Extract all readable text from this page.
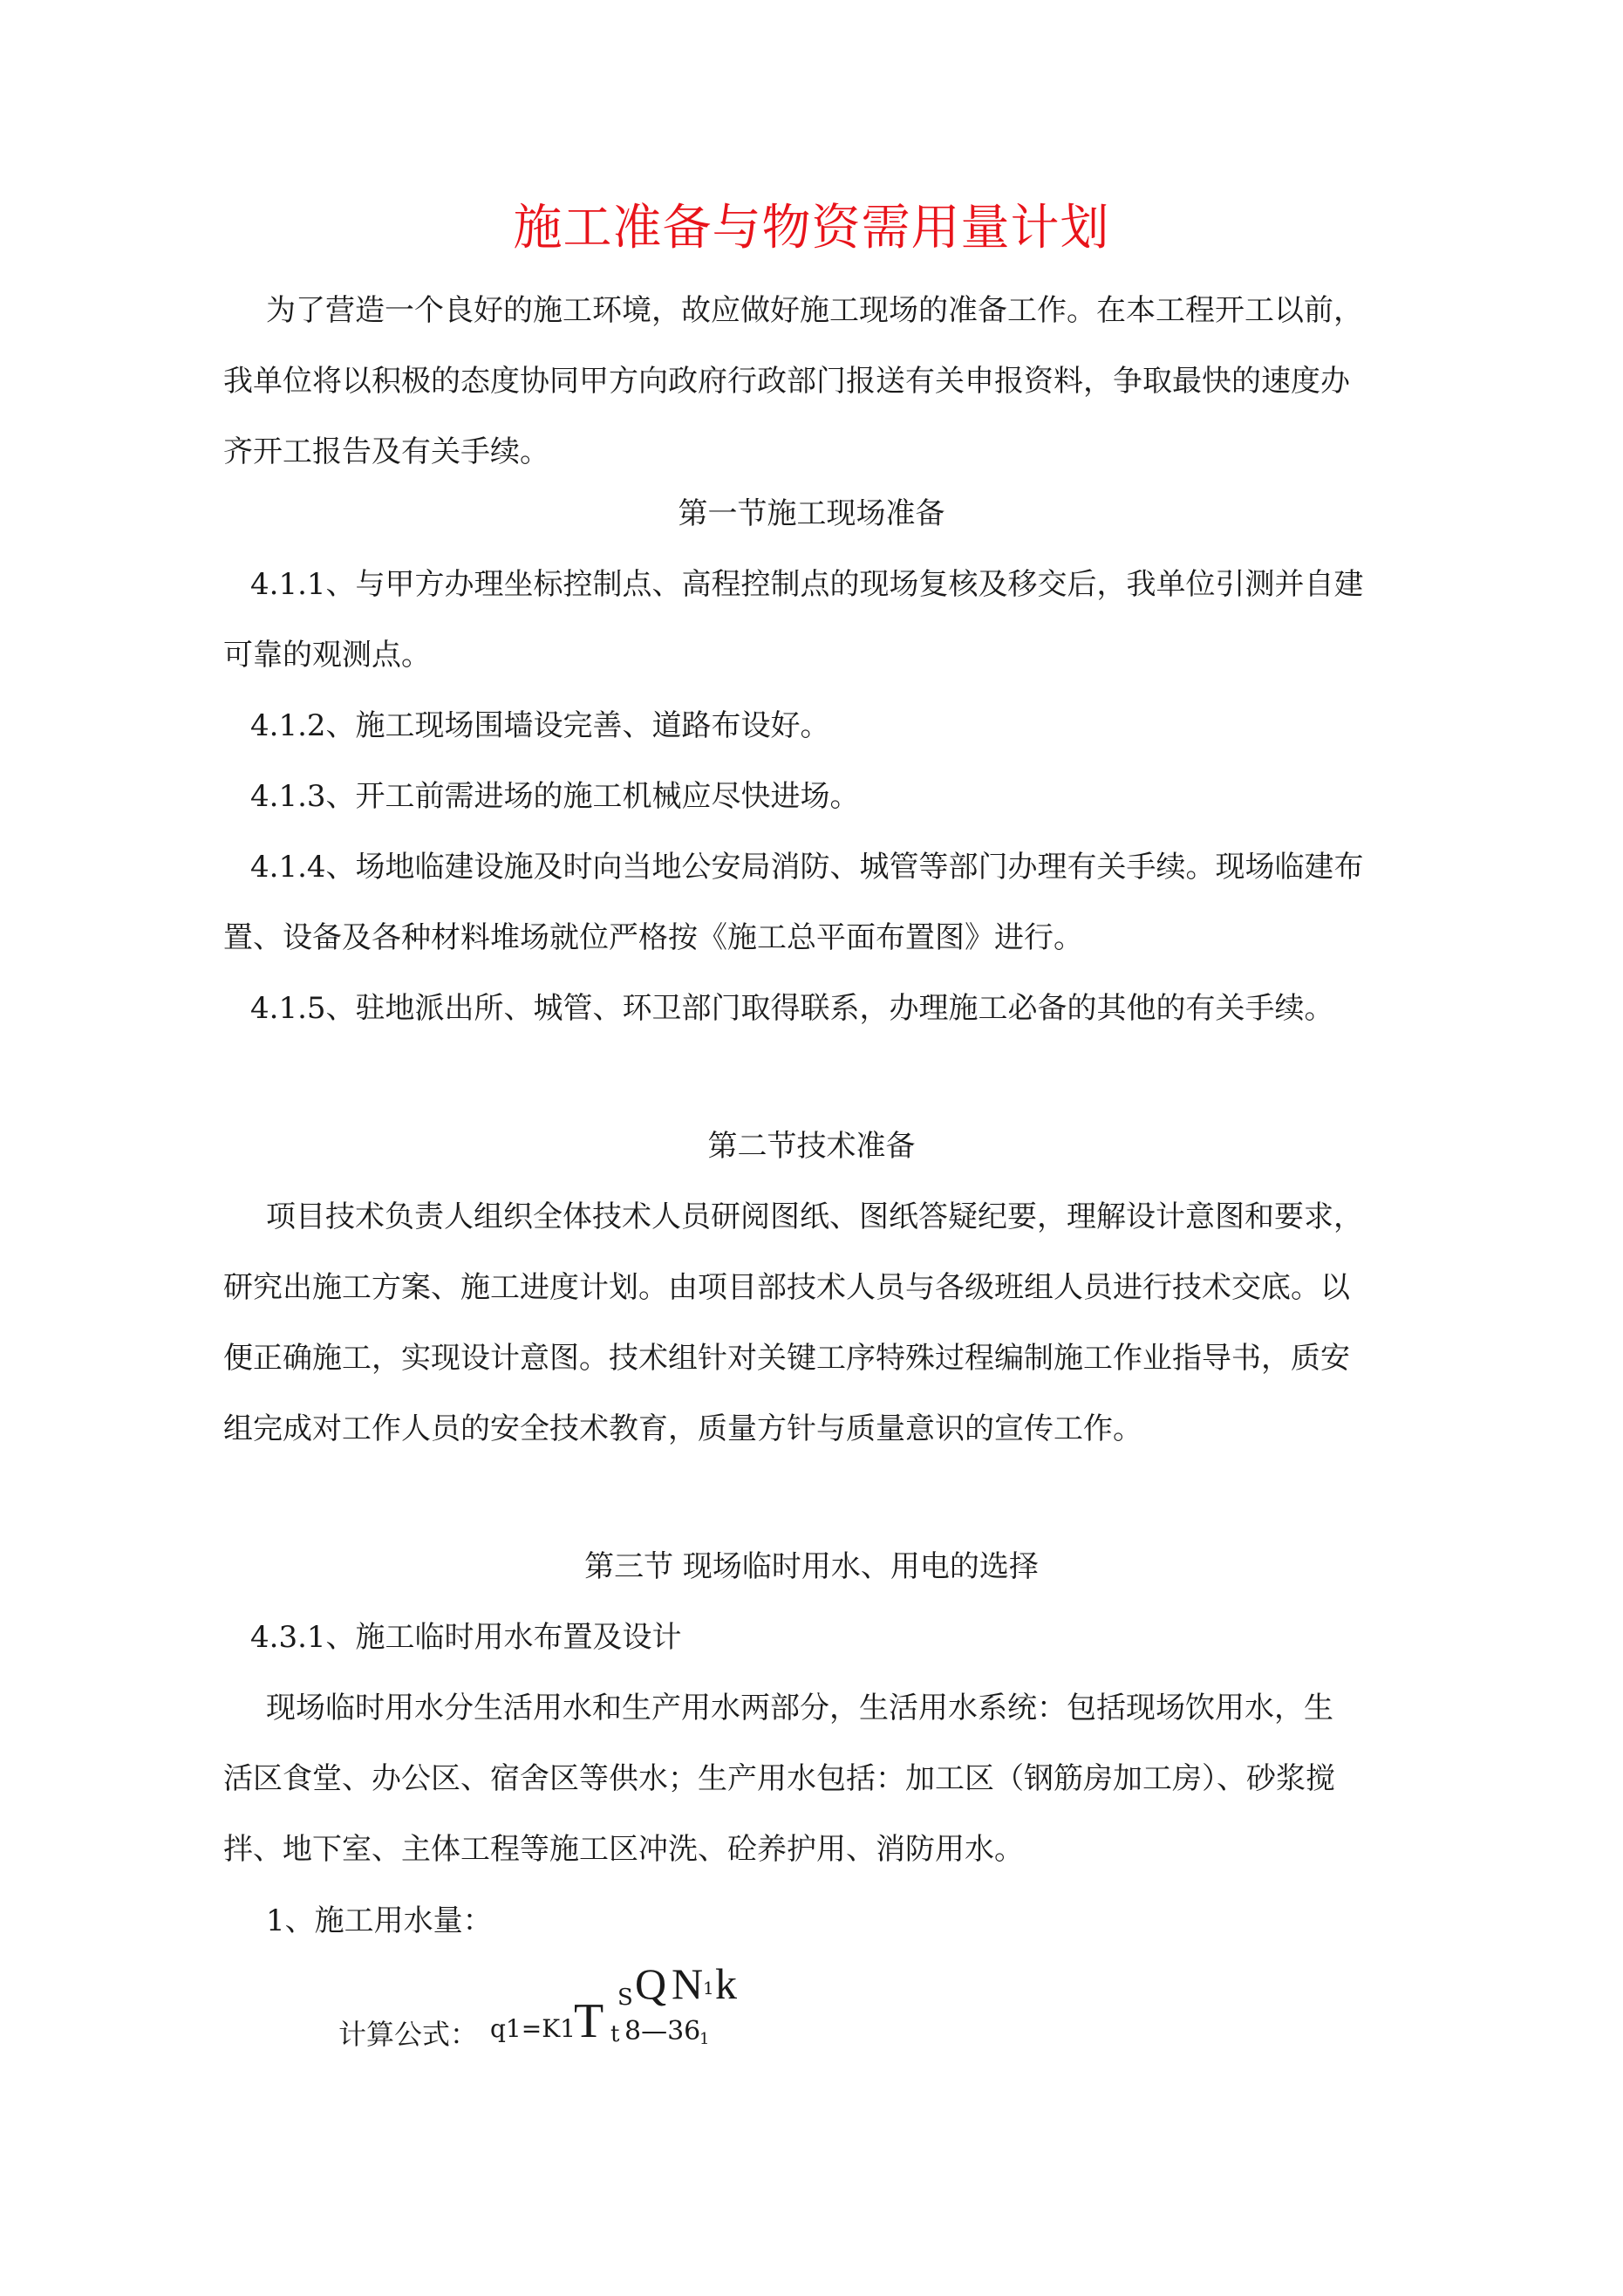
施工准备与物资需用量计划
为了营造一个良好的施工环境，故应做好施工现场的准备工作。在本工程开工以前，
我单位将以积极的态度协同甲方向政府行政部门报送有关申报资料，争取最快的速度办
齐开工报告及有关手续。
第一节施工现场准备
4.1.1、与甲方办理坐标控制点、高程控制点的现场复核及移交后，我单位引测并自建
可靠的观测点。
4.1.2、施工现场围墙设完善、道路布设好。
4.1.3、开工前需进场的施工机械应尽快进场。
4.1.4、场地临建设施及时向当地公安局消防、城管等部门办理有关手续。现场临建布
置、设备及各种材料堆场就位严格按《施工总平面布置图》进行。
4.1.5、驻地派出所、城管、环卫部门取得联系，办理施工必备的其他的有关手续。
第二节技术准备
项目技术负责人组织全体技术人员研阅图纸、图纸答疑纪要，理解设计意图和要求，
研究出施工方案、施工进度计划。由项目部技术人员与各级班组人员进行技术交底。以
便正确施工，实现设计意图。技术组针对关键工序特殊过程编制施工作业指导书，质安
组完成对工作人员的安全技术教育，质量方针与质量意识的宣传工作。
第三节 现场临时用水、用电的选择
4.3.1、施工临时用水布置及设计
现场临时用水分生活用水和生产用水两部分，生活用水系统：包括现场饮用水，生
活区食堂、办公区、宿舍区等供水；生产用水包括：加工区（钢筋房加工房）、砂浆搅
拌、地下室、主体工程等施工区冲洗、砼养护用、消防用水。
1、施工用水量：
计算公式： q1=K1
T t
S Q N 1 k
8—36
1
